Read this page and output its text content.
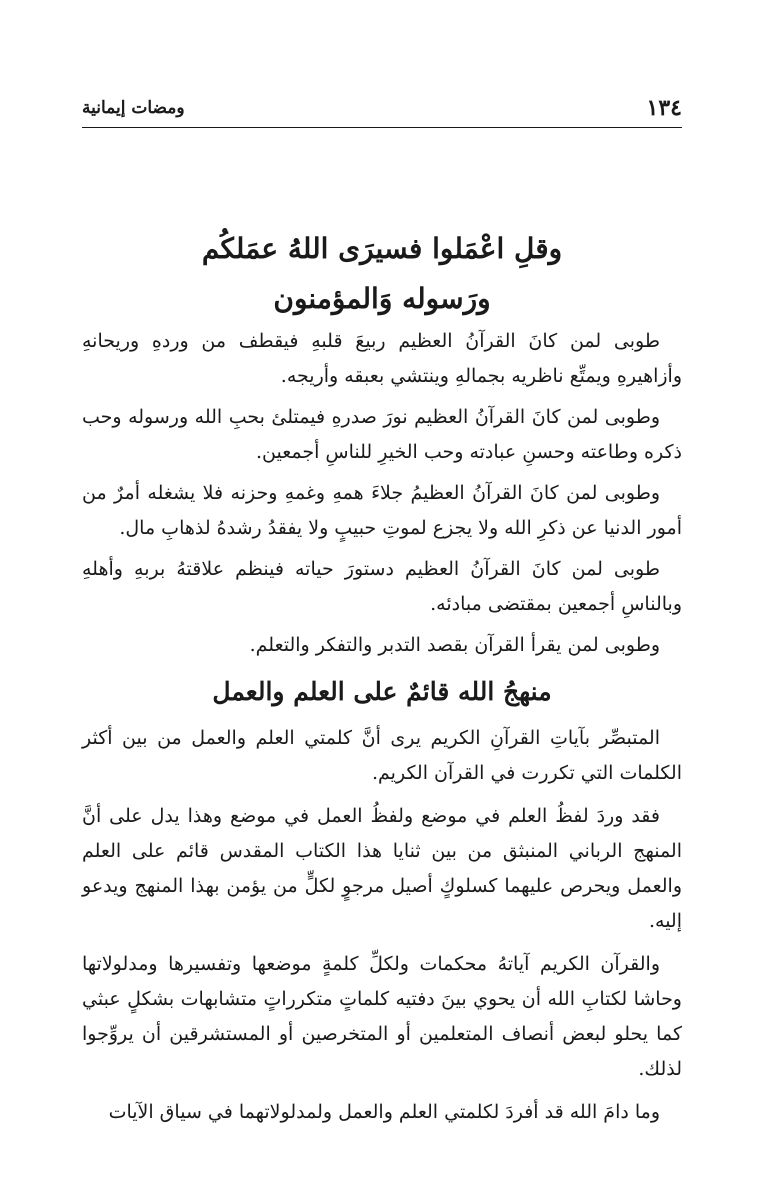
١٣٤
ومضات إيمانية
وقلِ اعْمَلوا فسيرَى اللهُ عمَلكُم
ورَسوله وَالمؤمنون

طوبى لمن كانَ القرآنُ العظيم ربيعَ قلبهِ فيقطف من وردهِ وريحانهِ وأزاهيرهِ ويمتِّع ناظريه بجمالهِ وينتشي بعبقه وأريجه.

وطوبى لمن كانَ القرآنُ العظيم نورَ صدرهِ فيمتلئ بحبِ الله ورسوله وحب ذكره وطاعته وحسنِ عبادته وحب الخيرِ للناسِ أجمعين.

وطوبى لمن كانَ القرآنُ العظيمُ جلاءَ همهِ وغمهِ وحزنه فلا يشغله أمرٌ من أمور الدنيا عن ذكرِ الله ولا يجزع لموتِ حبيبٍ ولا يفقدُ رشدهُ لذهابِ مال.

طوبى لمن كانَ القرآنُ العظيم دستورَ حياته فينظم علاقتهُ بربهِ وأهلهِ وبالناسِ أجمعين بمقتضى مبادئه.

وطوبى لمن يقرأ القرآن بقصد التدبر والتفكر والتعلم.

منهجُ الله قائمٌ على العلم والعمل

المتبصِّر بآياتِ القرآنِ الكريم يرى أنَّ كلمتي العلم والعمل من بين أكثر الكلمات التي تكررت في القرآن الكريم.

فقد وردَ لفظُ العلم في موضع ولفظُ العمل في موضع وهذا يدل على أنَّ المنهج الرباني المنبثق من بين ثنايا هذا الكتاب المقدس قائم على العلم والعمل ويحرص عليهما كسلوكٍ أصيل مرجوٍ لكلٍّ من يؤمن بهذا المنهج ويدعو إليه.

والقرآن الكريم آياتهُ محكمات ولكلِّ كلمةٍ موضعها وتفسيرها ومدلولاتها وحاشا لكتابِ الله أن يحوي بينَ دفتيه كلماتٍ متكرراتٍ متشابهات بشكلٍ عبثي كما يحلو لبعض أنصاف المتعلمين أو المتخرصين أو المستشرقين أن يروِّجوا لذلك.

وما دامَ الله قد أفردَ لكلمتي العلم والعمل ولمدلولاتهما في سياق الآيات
